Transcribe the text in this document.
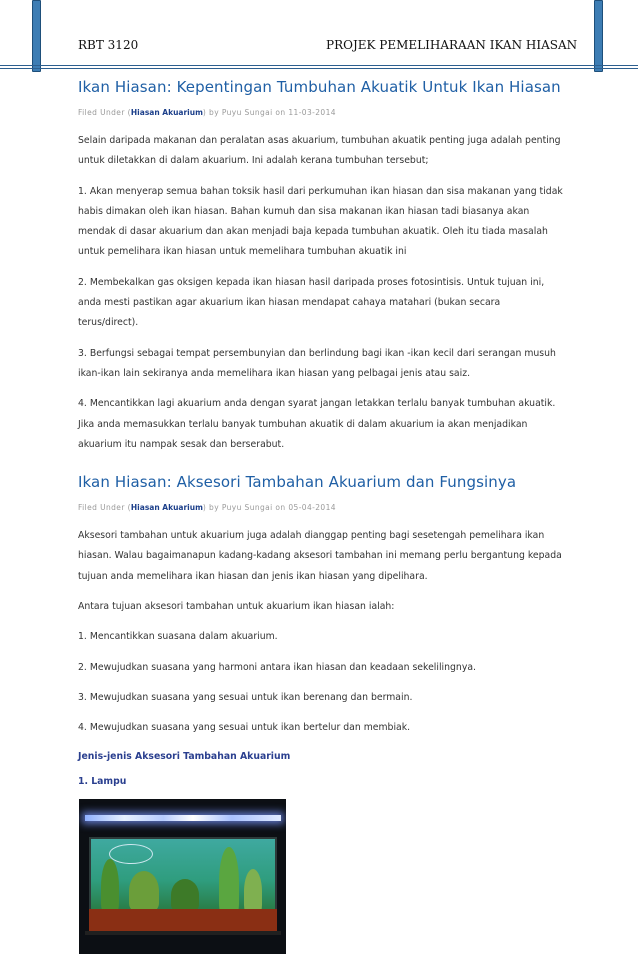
RBT 3120	PROJEK PEMELIHARAAN IKAN HIASAN
Ikan Hiasan: Kepentingan Tumbuhan Akuatik Untuk Ikan Hiasan
Filed Under (Hiasan Akuarium) by Puyu Sungai on 11-03-2014

Selain daripada makanan dan peralatan asas akuarium, tumbuhan akuatik penting juga adalah penting untuk diletakkan di dalam akuarium. Ini adalah kerana tumbuhan tersebut;

1. Akan menyerap semua bahan toksik hasil dari perkumuhan ikan hiasan dan sisa makanan yang tidak habis dimakan oleh ikan hiasan. Bahan kumuh dan sisa makanan ikan hiasan tadi biasanya akan mendak di dasar akuarium dan akan menjadi baja kepada tumbuhan akuatik. Oleh itu tiada masalah untuk pemelihara ikan hiasan untuk memelihara tumbuhan akuatik ini

2. Membekalkan gas oksigen kepada ikan hiasan hasil daripada proses fotosintisis. Untuk tujuan ini, anda mesti pastikan agar akuarium ikan hiasan mendapat cahaya matahari (bukan secara terus/direct).

3. Berfungsi sebagai tempat persembunyian dan berlindung bagi ikan -ikan kecil dari serangan musuh ikan-ikan lain sekiranya anda memelihara ikan hiasan yang pelbagai jenis atau saiz.

4. Mencantikkan lagi akuarium anda dengan syarat jangan letakkan terlalu banyak tumbuhan akuatik. Jika anda memasukkan terlalu banyak tumbuhan akuatik di dalam akuarium ia akan menjadikan akuarium itu nampak sesak dan berserabut.

Ikan Hiasan: Aksesori Tambahan Akuarium dan Fungsinya
Filed Under (Hiasan Akuarium) by Puyu Sungai on 05-04-2014

Aksesori tambahan untuk akuarium juga adalah dianggap penting bagi sesetengah pemelihara ikan hiasan. Walau bagaimanapun kadang-kadang aksesori tambahan ini memang perlu bergantung kepada tujuan anda memelihara ikan hiasan dan jenis ikan hiasan yang dipelihara.

Antara tujuan aksesori tambahan untuk akuarium ikan hiasan ialah:

1. Mencantikkan suasana dalam akuarium.

2. Mewujudkan suasana yang harmoni antara ikan hiasan dan keadaan sekelilingnya.

3. Mewujudkan suasana yang sesuai untuk ikan berenang dan bermain.

4. Mewujudkan suasana yang sesuai untuk ikan bertelur dan membiak.

Jenis-jenis Aksesori Tambahan Akuarium
1. Lampu
